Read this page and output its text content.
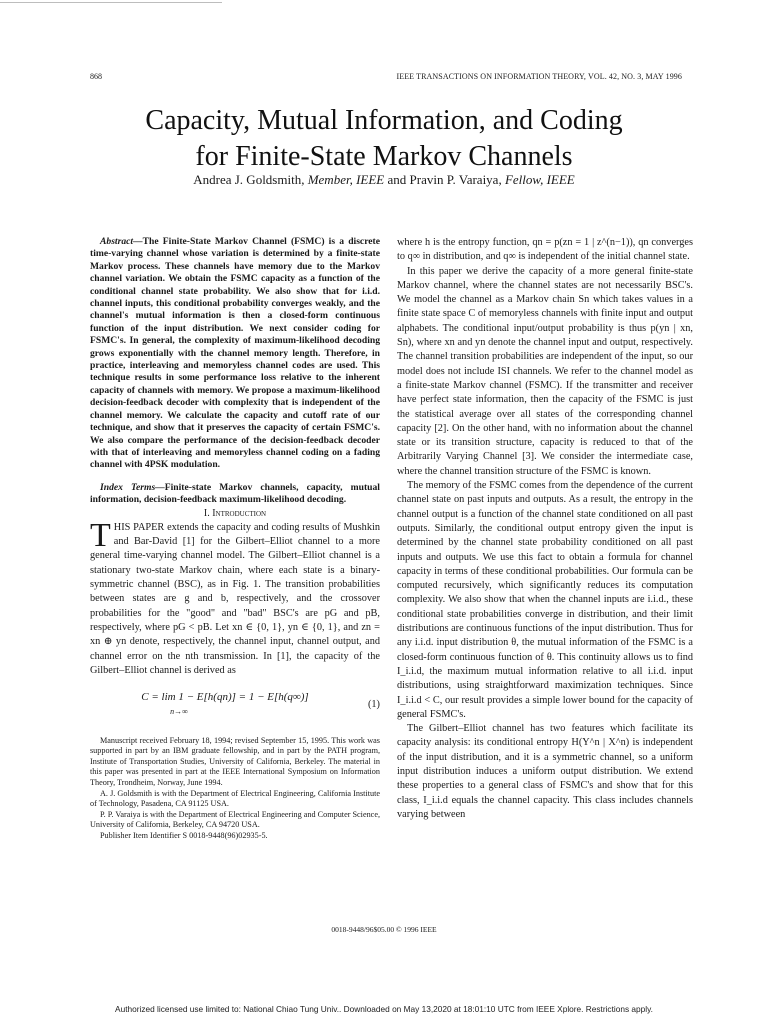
868	IEEE TRANSACTIONS ON INFORMATION THEORY, VOL. 42, NO. 3, MAY 1996
Capacity, Mutual Information, and Coding
for Finite-State Markov Channels
Andrea J. Goldsmith, Member, IEEE and Pravin P. Varaiya, Fellow, IEEE

Abstract—The Finite-State Markov Channel (FSMC) is a discrete time-varying channel whose variation is determined by a finite-state Markov process. These channels have memory due to the Markov channel variation. We obtain the FSMC capacity as a function of the conditional channel state probability. We also show that for i.i.d. channel inputs, this conditional probability converges weakly, and the channel's mutual information is then a closed-form continuous function of the input distribution. We next consider coding for FSMC's. In general, the complexity of maximum-likelihood decoding grows exponentially with the channel memory length. Therefore, in practice, interleaving and memoryless channel codes are used. This technique results in some performance loss relative to the inherent capacity of channels with memory. We propose a maximum-likelihood decision-feedback decoder with complexity that is independent of the channel memory. We calculate the capacity and cutoff rate of our technique, and show that it preserves the capacity of certain FSMC's. We also compare the performance of the decision-feedback decoder with that of interleaving and memoryless channel coding on a fading channel with 4PSK modulation.

Index Terms—Finite-state Markov channels, capacity, mutual information, decision-feedback maximum-likelihood decoding.

I. Introduction

THIS PAPER extends the capacity and coding results of Mushkin and Bar-David [1] for the Gilbert–Elliot channel to a more general time-varying channel model. The Gilbert–Elliot channel is a stationary two-state Markov chain, where each state is a binary-symmetric channel (BSC), as in Fig. 1. The transition probabilities between states are g and b, respectively, and the crossover probabilities for the "good" and "bad" BSC's are pG and pB, respectively, where pG < pB. Let xn ∈ {0, 1}, yn ∈ {0, 1}, and zn = xn ⊕ yn denote, respectively, the channel input, channel output, and channel error on the nth transmission. In [1], the capacity of the Gilbert–Elliot channel is derived as

C = lim 1 − E[h(qn)] = 1 − E[h(q∞)]
n→∞
(1)

Manuscript received February 18, 1994; revised September 15, 1995. This work was supported in part by an IBM graduate fellowship, and in part by the PATH program, Institute of Transportation Studies, University of California, Berkeley. The material in this paper was presented in part at the IEEE International Symposium on Information Theory, Trondheim, Norway, June 1994.

A. J. Goldsmith is with the Department of Electrical Engineering, California Institute of Technology, Pasadena, CA 91125 USA.

P. P. Varaiya is with the Department of Electrical Engineering and Computer Science, University of California, Berkeley, CA 94720 USA.

Publisher Item Identifier S 0018-9448(96)02935-5.

where h is the entropy function, qn = p(zn = 1 | z^(n−1)), qn converges to q∞ in distribution, and q∞ is independent of the initial channel state.

In this paper we derive the capacity of a more general finite-state Markov channel, where the channel states are not necessarily BSC's. We model the channel as a Markov chain Sn which takes values in a finite state space C of memoryless channels with finite input and output alphabets. The conditional input/output probability is thus p(yn | xn, Sn), where xn and yn denote the channel input and output, respectively. The channel transition probabilities are independent of the input, so our model does not include ISI channels. We refer to the channel model as a finite-state Markov channel (FSMC). If the transmitter and receiver have perfect state information, then the capacity of the FSMC is just the statistical average over all states of the corresponding channel capacity [2]. On the other hand, with no information about the channel state or its transition structure, capacity is reduced to that of the Arbitrarily Varying Channel [3]. We consider the intermediate case, where the channel transition structure of the FSMC is known.

The memory of the FSMC comes from the dependence of the current channel state on past inputs and outputs. As a result, the entropy in the channel output is a function of the channel state conditioned on all past outputs. Similarly, the conditional output entropy given the input is determined by the channel state probability conditioned on all past inputs and outputs. We use this fact to obtain a formula for channel capacity in terms of these conditional probabilities. Our formula can be computed recursively, which significantly reduces its computation complexity. We also show that when the channel inputs are i.i.d., these conditional state probabilities converge in distribution, and their limit distributions are continuous functions of the input distribution. Thus for any i.i.d. input distribution θ, the mutual information of the FSMC is a closed-form continuous function of θ. This continuity allows us to find I_i.i.d, the maximum mutual information relative to all i.i.d. input distributions, using straightforward maximization techniques. Since I_i.i.d < C, our result provides a simple lower bound for the capacity of general FSMC's.

The Gilbert–Elliot channel has two features which facilitate its capacity analysis: its conditional entropy H(Y^n | X^n) is independent of the input distribution, and it is a symmetric channel, so a uniform input distribution induces a uniform output distribution. We extend these properties to a general class of FSMC's and show that for this class, I_i.i.d equals the channel capacity. This class includes channels varying between

0018-9448/96$05.00 © 1996 IEEE
Authorized licensed use limited to: National Chiao Tung Univ.. Downloaded on May 13,2020 at 18:01:10 UTC from IEEE Xplore. Restrictions apply.
